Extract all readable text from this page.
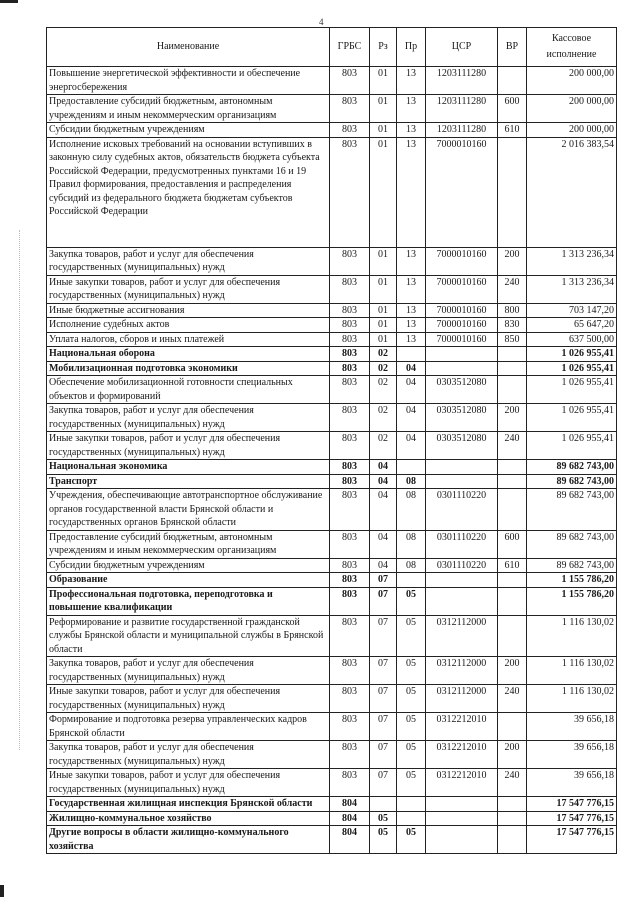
4
Наименование	ГРБС	Рз	Пр	ЦСР	ВР	Кассовое исполнение
Повышение энергетической эффективности и обеспечение энергосбережения	803	01	13	1203111280		200 000,00
Предоставление субсидий бюджетным, автономным учреждениям и иным некоммерческим организациям	803	01	13	1203111280	600	200 000,00
Субсидии бюджетным учреждениям	803	01	13	1203111280	610	200 000,00
Исполнение исковых требований на основании вступивших в законную силу судебных актов, обязательств бюджета субъекта Российской Федерации, предусмотренных пунктами 16 и 19 Правил формирования, предоставления и распределения субсидий из федерального бюджета бюджетам субъектов Российской Федерации	803	01	13	7000010160		2 016 383,54
Закупка товаров, работ и услуг для обеспечения государственных (муниципальных) нужд	803	01	13	7000010160	200	1 313 236,34
Иные закупки товаров, работ и услуг для обеспечения государственных (муниципальных) нужд	803	01	13	7000010160	240	1 313 236,34
Иные бюджетные ассигнования	803	01	13	7000010160	800	703 147,20
Исполнение судебных актов	803	01	13	7000010160	830	65 647,20
Уплата налогов, сборов и иных платежей	803	01	13	7000010160	850	637 500,00
Национальная оборона	803	02				1 026 955,41
Мобилизационная подготовка экономики	803	02	04			1 026 955,41
Обеспечение мобилизационной готовности специальных объектов и формирований	803	02	04	0303512080		1 026 955,41
Закупка товаров, работ и услуг для обеспечения государственных (муниципальных) нужд	803	02	04	0303512080	200	1 026 955,41
Иные закупки товаров, работ и услуг для обеспечения государственных (муниципальных) нужд	803	02	04	0303512080	240	1 026 955,41
Национальная экономика	803	04				89 682 743,00
Транспорт	803	04	08			89 682 743,00
Учреждения, обеспечивающие автотранспортное обслуживание органов государственной власти Брянской области и государственных органов Брянской области	803	04	08	0301110220		89 682 743,00
Предоставление субсидий бюджетным, автономным учреждениям и иным некоммерческим организациям	803	04	08	0301110220	600	89 682 743,00
Субсидии бюджетным учреждениям	803	04	08	0301110220	610	89 682 743,00
Образование	803	07				1 155 786,20
Профессиональная подготовка, переподготовка и повышение квалификации	803	07	05			1 155 786,20
Реформирование и развитие государственной гражданской службы Брянской области и муниципальной службы в Брянской области	803	07	05	0312112000		1 116 130,02
Закупка товаров, работ и услуг для обеспечения государственных (муниципальных) нужд	803	07	05	0312112000	200	1 116 130,02
Иные закупки товаров, работ и услуг для обеспечения государственных (муниципальных) нужд	803	07	05	0312112000	240	1 116 130,02
Формирование и подготовка резерва управленческих кадров Брянской области	803	07	05	0312212010		39 656,18
Закупка товаров, работ и услуг для обеспечения государственных (муниципальных) нужд	803	07	05	0312212010	200	39 656,18
Иные закупки товаров, работ и услуг для обеспечения государственных (муниципальных) нужд	803	07	05	0312212010	240	39 656,18
Государственная жилищная инспекция Брянской области	804					17 547 776,15
Жилищно-коммунальное хозяйство	804	05				17 547 776,15
Другие вопросы в области жилищно-коммунального хозяйства	804	05	05			17 547 776,15
